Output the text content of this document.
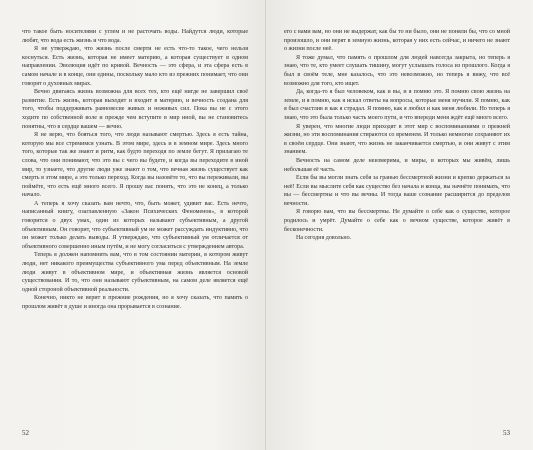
что такое быть носителями с углем и не расточать воды. Найдутся люди, которые любят, что вода есть жизнь и что вода.

Я не утверждаю, что жизнь после смерти не есть что-то такое, чего нельзя коснуться. Есть жизнь, которая не имеет материю, а которая существует в одном направлении. Эволюция идёт по кривой. Вечность — это сфера, и эта сфера есть в самом начале и в конце, они едины, поскольку мало кто из прежних понимает, что они говорят о духовных мирах.

Вечно двигаясь жизнь возможна для всех тех, кто ещё нигде не завершил своё развитие. Есть жизнь, которая выходит и входит в материю, и вечность создана для того, чтобы поддерживать равновесие живых и неживых сил. Пока вы не с этого ходите по собственной воле и прежде чем вступите в мир иной, вы не становитесь понятны, что в сердце вашем — вечно.

Я не верю, что бояться того, что люди называют смертью. Здесь я есть тайна, которую мы все стремимся узнать. В этом мире, здесь и в земном мире. Здесь много того, которые так же знают и ритм, как будто переходя по земле бегут. Я прилагаю те слова, что они понимают, что это вы с чего вы будете, и когда вы переходите в иной мир, то узнаете, что другие люди уже знают о том, что вечная жизнь существует как смерть в этом мире, а это только переход. Когда вы назовёте то, что вы переживали, вы поймёте, что есть ещё много всего. Я прошу вас понять, что это не конец, а только начало.

А теперь я хочу сказать вам нечто, что, быть может, удивит вас. Есть нечто, написанный книгу, озаглавленную «Закон Психических Феноменов», в которой говорится о двух умах, один из которых называют субъективным, а другой объективным. Он говорит, что субъективный ум не может рассуждать индуктивно, что он может только делать выводы. Я утверждаю, что субъективный ум отличается от объективного совершенно иным путём, и не могу согласиться с утверждением автора.

Теперь я должен напомнить вам, что в том состоянии материи, в котором живут люди, нет никакого преимущества субъективного ума перед объективным. На земле люди живут в объективном мире, и объективная жизнь является основой существования. И то, что они называют субъективным, на самом деле является ещё одной стороной объективной реальности.

Конечно, никто не верит в прежние рождения, но я хочу сказать, что память о прошлом живёт в душе и иногда она прорывается в сознание.

52

его с вами вам, но они не выдержат, как бы то ни было, они не поняли бы, что со мной произошло, и они верят в земную жизнь, которая у них есть сейчас, и ничего не знают о жизни после неё.

Я тоже думал, что память о прошлом для людей навсегда закрыта, но теперь я знаю, что те, кто умеет слушать тишину, могут услышать голоса из прошлого. Когда я был в своём теле, мне казалось, что это невозможно, но теперь я вижу, что всё возможно для того, кто ищет.

Да, когда-то я был человеком, как и вы, и я помню это. Я помню свою жизнь на земле, и я помню, как я искал ответы на вопросы, которые меня мучили. Я помню, как я был счастлив и как я страдал. Я помню, как я любил и как меня любили. Но теперь я знаю, что это была только часть моего пути, и что впереди меня ждёт ещё много всего.

Я уверен, что многие люди приходят в этот мир с воспоминаниями о прежней жизни, но эти воспоминания стираются со временем. И только немногие сохраняют их в своём сердце. Они знают, что жизнь не заканчивается смертью, и они живут с этим знанием.

Вечность на самом деле неизмерима, и миры, в которых мы живём, лишь небольшая её часть.

Если бы вы могли знать себя за гранью бессмертной жизни и крепко держаться за неё! Если вы мыслите себя как существо без начала и конца, вы начнёте понимать, что вы — бессмертны и что вы вечны. И тогда ваше сознание расширится до пределов вечности.

Я говорю вам, что вы бессмертны. Не думайте о себе как о существе, которое родилось и умрёт. Думайте о себе как о вечном существе, которое живёт в бесконечности.

На сегодня довольно.

53
